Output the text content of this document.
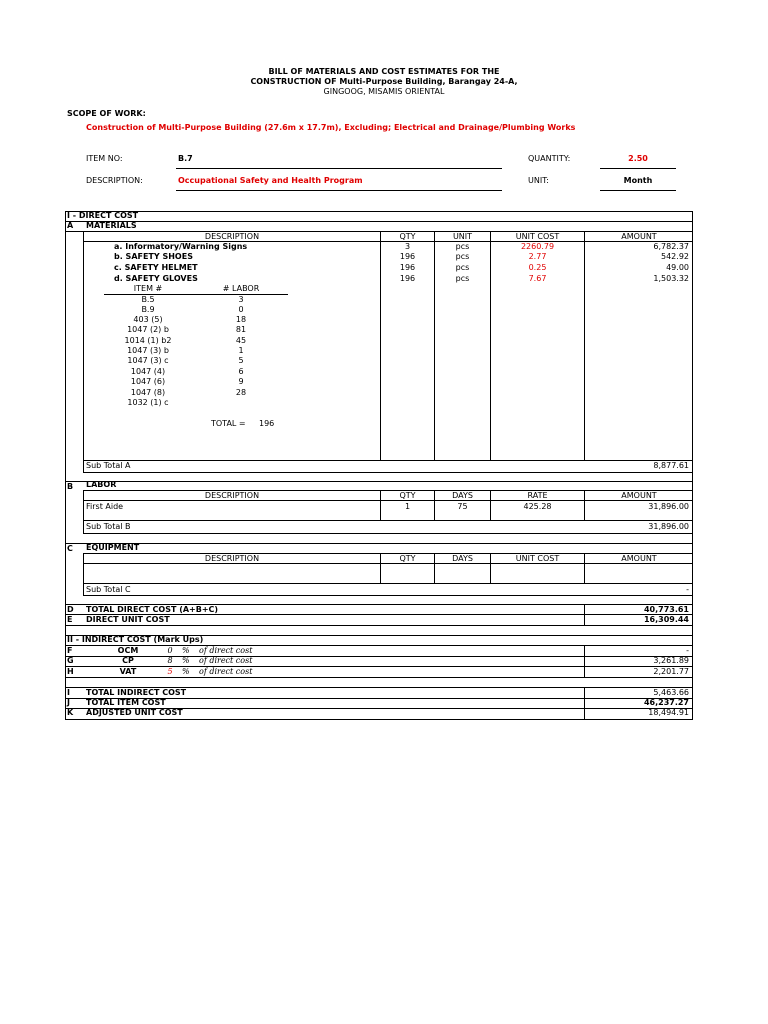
BILL OF MATERIALS AND COST ESTIMATES FOR THE
CONSTRUCTION OF Multi-Purpose Building, Barangay 24-A,
GINGOOG, MISAMIS ORIENTAL
SCOPE OF WORK:
Construction of Multi-Purpose Building (27.6m x 17.7m), Excluding; Electrical and Drainage/Plumbing Works
ITEM NO:	B.7
DESCRIPTION:	Occupational Safety and Health Program
QUANTITY:	2.50
UNIT:	Month
I - DIRECT COST
A MATERIALS
DESCRIPTION	QTY	UNIT	UNIT COST	AMOUNT
a. Informatory/Warning Signs	3	pcs	2260.79	6,782.37
b. SAFETY SHOES	196	pcs	2.77	542.92
c. SAFETY HELMET	196	pcs	0.25	49.00
d. SAFETY GLOVES	196	pcs	7.67	1,503.32
ITEM #	# LABOR
B.5	3
B.9	0
403 (5)	18
1047 (2) b	81
1014 (1) b2	45
1047 (3) b	1
1047 (3) c	5
1047 (4)	6
1047 (6)	9
1047 (8)	28
1032 (1) c
TOTAL = 196
Sub Total A	8,877.61
B LABOR
DESCRIPTION	QTY	DAYS	RATE	AMOUNT
First Aide	1	75	425.28	31,896.00
Sub Total B	31,896.00
C EQUIPMENT
DESCRIPTION	QTY	DAYS	UNIT COST	AMOUNT
Sub Total C	-
D TOTAL DIRECT COST (A+B+C)	40,773.61
E DIRECT UNIT COST	16,309.44
II - INDIRECT COST (Mark Ups)
F	OCM	0	% of direct cost	-
G	CP	8	% of direct cost	3,261.89
H	VAT	5	% of direct cost	2,201.77
I TOTAL INDIRECT COST	5,463.66
J TOTAL ITEM COST	46,237.27
K ADJUSTED UNIT COST	18,494.91
